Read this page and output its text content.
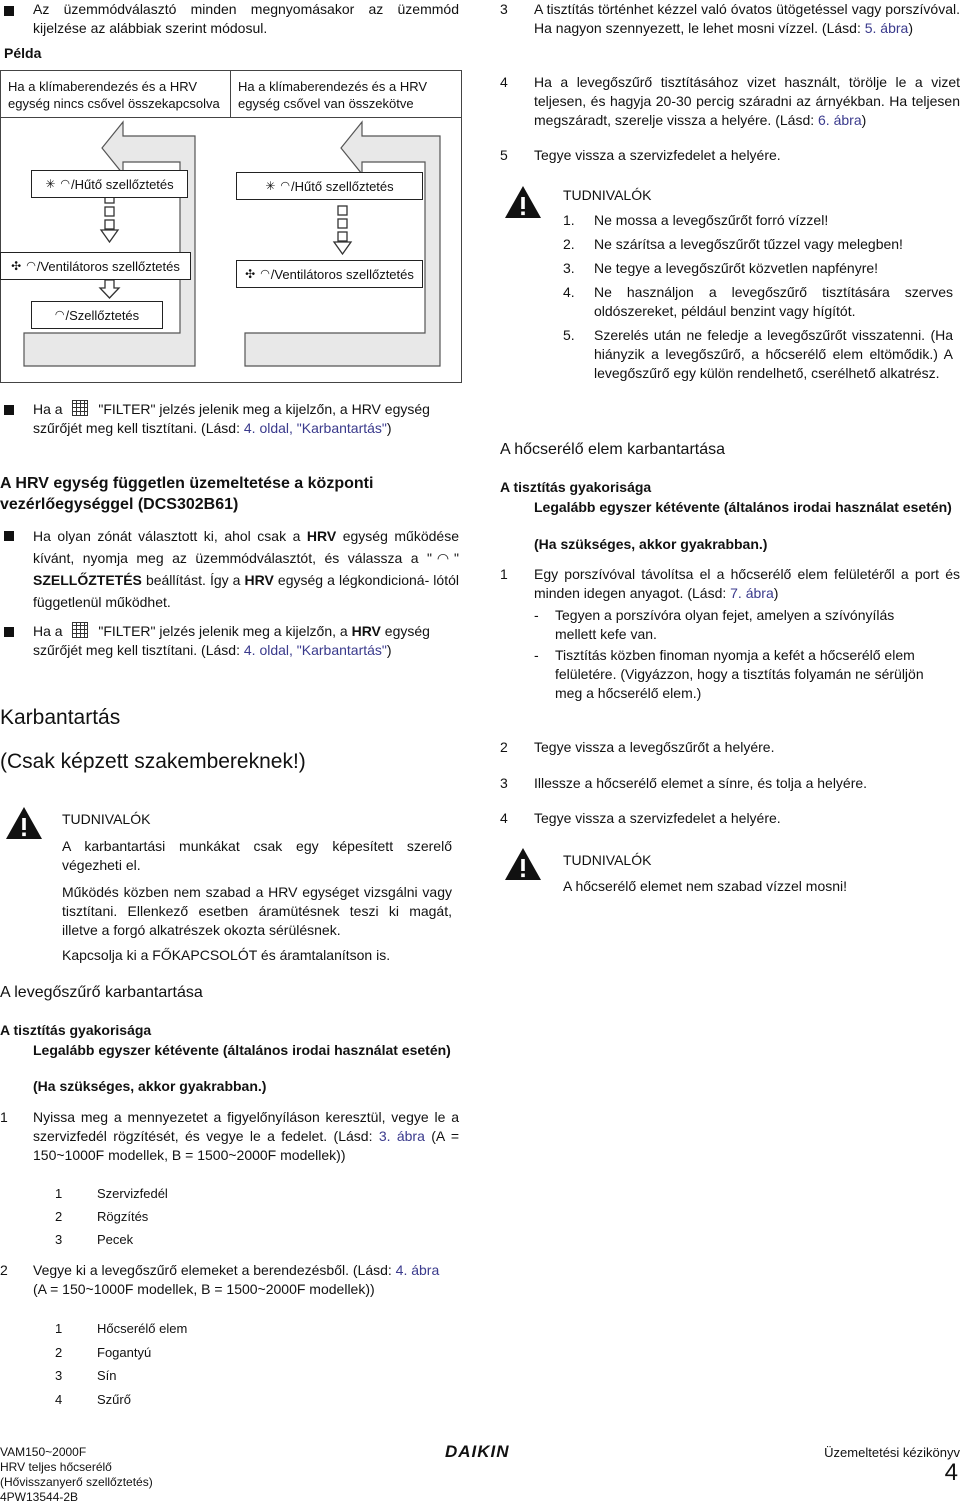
Az üzemmódválasztó minden megnyomásakor az üzemmód kijelzése az alábbiak szerint módosul.
Példa
Ha a klímaberendezés és a HRV egység nincs csővel összekapcsolva
Ha a klímaberendezés és a HRV egység csővel van összekötve
✳ ◠ /Hűtő szellőztetés
✣ ◠ /Ventilátoros szellőztetés
◠ /Szellőztetés
✳ ◠ /Hűtő szellőztetés
✣ ◠ /Ventilátoros szellőztetés
Ha a	"FILTER" jelzés jelenik meg a kijelzőn, a HRV egység szűrőjét meg kell tisztítani. (Lásd: 4. oldal, "Karbantartás")
A HRV egység független üzemeltetése a központi vezérlőegységgel (DCS302B61)
Ha olyan zónát választott ki, ahol csak a HRV egység működése kívánt, nyomja meg az üzemmódválasztót, és válassza a " ◠ " SZELLŐZTETÉS beállítást. Így a HRV egység a légkondicioná- lótól függetlenül működhet.
Ha a	"FILTER" jelzés jelenik meg a kijelzőn, a HRV egység szűrőjét meg kell tisztítani. (Lásd: 4. oldal, "Karbantartás")
Karbantartás
(Csak képzett szakembereknek!)
TUDNIVALÓK
A karbantartási munkákat csak egy képesített szerelő végezheti el.
Működés közben nem szabad a HRV egységet vizsgálni vagy tisztítani. Ellenkező esetben áramütésnek teszi ki magát, illetve a forgó alkatrészek okozta sérülésnek.
Kapcsolja ki a FŐKAPCSOLÓT és áramtalanítson is.
A levegőszűrő karbantartása
A tisztítás gyakorisága
Legalább egyszer kétévente (általános irodai használat esetén)
(Ha szükséges, akkor gyakrabban.)
1 Nyissa meg a mennyezetet a figyelőnyíláson keresztül, vegye le a szervizfedél rögzítését, és vegye le a fedelet. (Lásd: 3. ábra (A = 150~1000F modellek, B = 1500~2000F modellek))
1	Szervizfedél
2	Rögzítés
3	Pecek
2 Vegye ki a levegőszűrő elemeket a berendezésből. (Lásd: 4. ábra
(A = 150~1000F modellek, B = 1500~2000F modellek))
1	Hőcserélő elem
2	Fogantyú
3	Sín
4	Szűrő
3 A tisztítás történhet kézzel való óvatos ütögetéssel vagy porszívóval. Ha nagyon szennyezett, le lehet mosni vízzel. (Lásd: 5. ábra)
4 Ha a levegőszűrő tisztításához vizet használt, törölje le a vizet teljesen, és hagyja 20-30 percig száradni az árnyékban. Ha teljesen megszáradt, szerelje vissza a helyére. (Lásd: 6. ábra)
5 Tegye vissza a szervizfedelet a helyére.
TUDNIVALÓK
1.	Ne mossa a levegőszűrőt forró vízzel!
2.	Ne szárítsa a levegőszűrőt tűzzel vagy melegben!
3.	Ne tegye a levegőszűrőt közvetlen napfényre!
4.	Ne használjon a levegőszűrő tisztítására szerves oldószereket, például benzint vagy hígítót.
5.	Szerelés után ne feledje a levegőszűrőt visszatenni. (Ha hiányzik a levegőszűrő, a hőcserélő elem eltömődik.) A levegőszűrő egy külön rendelhető, cserélhető alkatrész.
A hőcserélő elem karbantartása
A tisztítás gyakorisága
Legalább egyszer kétévente (általános irodai használat esetén)
(Ha szükséges, akkor gyakrabban.)
1 Egy porszívóval távolítsa el a hőcserélő elem felületéről a port és minden idegen anyagot. (Lásd: 7. ábra)
- Tegyen a porszívóra olyan fejet, amelyen a szívónyílás mellett kefe van.
- Tisztítás közben finoman nyomja a kefét a hőcserélő elem felületére. (Vigyázzon, hogy a tisztítás folyamán ne sérüljön meg a hőcserélő elem.)
2 Tegye vissza a levegőszűrőt a helyére.
3 Illessze a hőcserélő elemet a sínre, és tolja a helyére.
4 Tegye vissza a szervizfedelet a helyére.
TUDNIVALÓK
A hőcserélő elemet nem szabad vízzel mosni!
VAM150~2000F
HRV teljes hőcserélő
(Hővisszanyerő szellőztetés)
4PW13544-2B
DAIKIN	Üzemeltetési kézikönyv
4
